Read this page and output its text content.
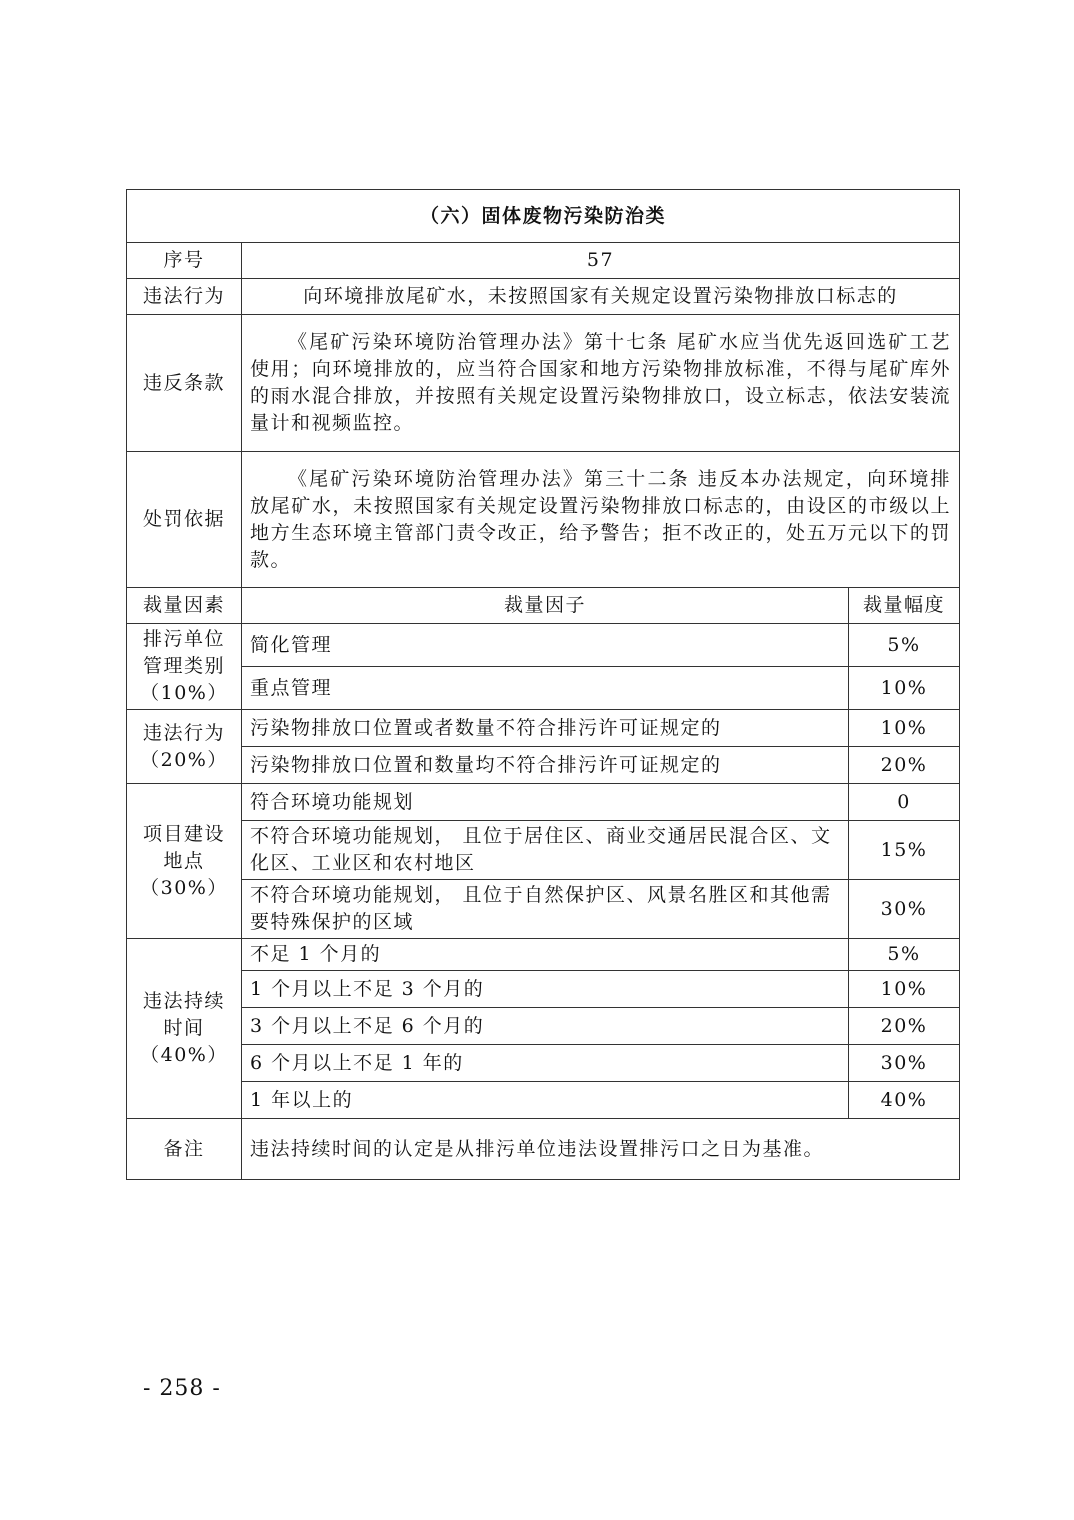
（六）固体废物污染防治类		
序号	57	
违法行为	向环境排放尾矿水，未按照国家有关规定设置污染物排放口标志的	
违反条款	《尾矿污染环境防治管理办法》第十七条 尾矿水应当优先返回选矿工艺使用；向环境排放的，应当符合国家和地方污染物排放标准，不得与尾矿库外的雨水混合排放，并按照有关规定设置污染物排放口，设立标志，依法安装流量计和视频监控。	

处罚依据	《尾矿污染环境防治管理办法》第三十二条 违反本办法规定，向环境排放尾矿水，未按照国家有关规定设置污染物排放口标志的，由设区的市级以上地方生态环境主管部门责令改正，给予警告；拒不改正的，处五万元以下的罚款。	

裁量因素	裁量因子	裁量幅度
排污单位管理类别（10%）	简化管理	5%
	重点管理	10%
违法行为（20%）	污染物排放口位置或者数量不符合排污许可证规定的	10%
	污染物排放口位置和数量均不符合排污许可证规定的	20%
项目建设地点（30%）	符合环境功能规划	0
	不符合环境功能规划， 且位于居住区、商业交通居民混合区、文化区、工业区和农村地区	15%
	不符合环境功能规划， 且位于自然保护区、风景名胜区和其他需要特殊保护的区域	30%
违法持续时间（40%）	不足 1 个月的	5%
	1 个月以上不足 3 个月的	10%
	3 个月以上不足 6 个月的	20%
	6 个月以上不足 1 年的	30%
	1 年以上的	40%
备注	违法持续时间的认定是从排污单位违法设置排污口之日为基准。	
- 258 -
